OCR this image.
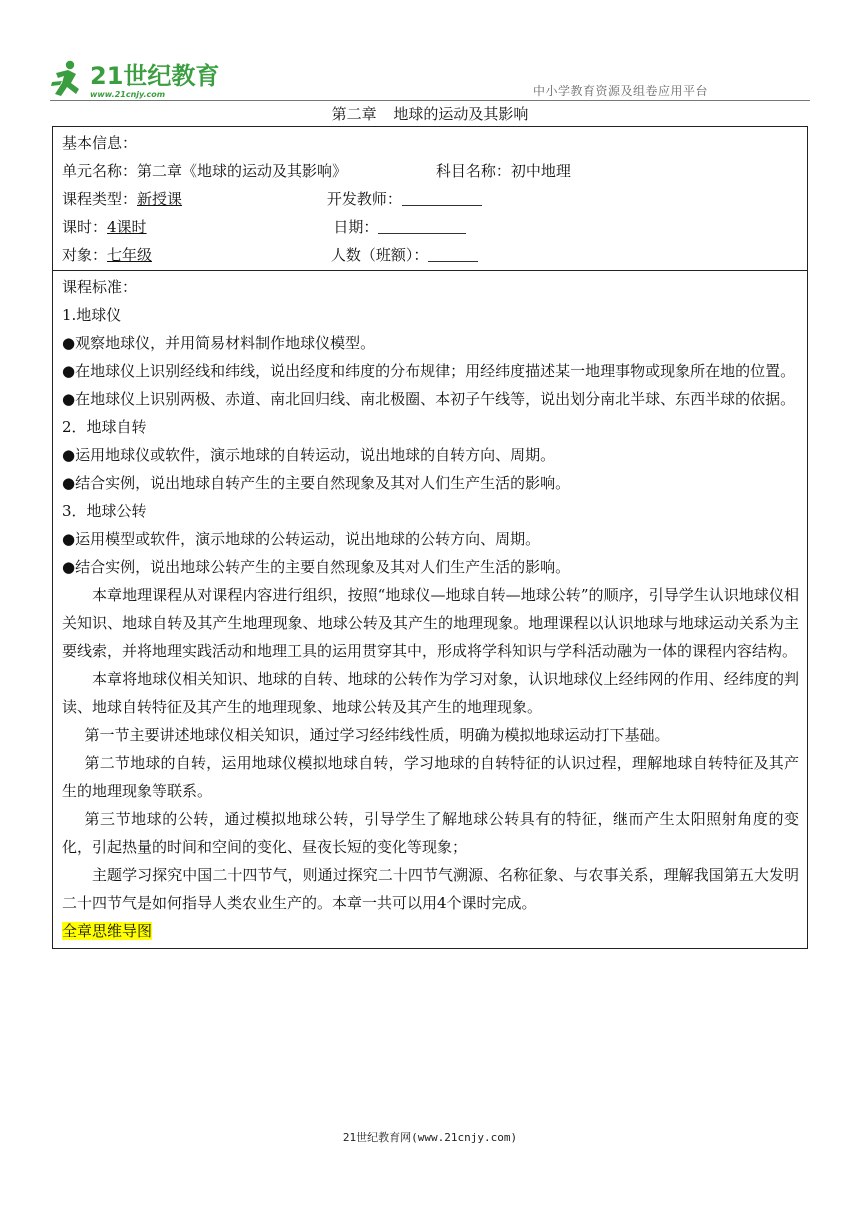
21世纪教育
www.21cnjy.com	中小学教育资源及组卷应用平台
第二章 地球的运动及其影响
基本信息：
单元名称：第二章《地球的运动及其影响》	科目名称：初中地理
课程类型：新授课	开发教师：
课时：4课时	日期：
对象：七年级	人数（班额）：
课程标准：
1.地球仪

●观察地球仪，并用简易材料制作地球仪模型。

●在地球仪上识别经线和纬线，说出经度和纬度的分布规律；用经纬度描述某一地理事物或现象所在地的位置。

●在地球仪上识别两极、赤道、南北回归线、南北极圈、本初子午线等，说出划分南北半球、东西半球的依据。

2．地球自转

●运用地球仪或软件，演示地球的自转运动，说出地球的自转方向、周期。

●结合实例，说出地球自转产生的主要自然现象及其对人们生产生活的影响。

3．地球公转

●运用模型或软件，演示地球的公转运动，说出地球的公转方向、周期。

●结合实例，说出地球公转产生的主要自然现象及其对人们生产生活的影响。

本章地理课程从对课程内容进行组织，按照“地球仪—地球自转—地球公转”的顺序，引导学生认识地球仪相关知识、地球自转及其产生地理现象、地球公转及其产生的地理现象。地理课程以认识地球与地球运动关系为主要线索，并将地理实践活动和地理工具的运用贯穿其中，形成将学科知识与学科活动融为一体的课程内容结构。

本章将地球仪相关知识、地球的自转、地球的公转作为学习对象，认识地球仪上经纬网的作用、经纬度的判读、地球自转特征及其产生的地理现象、地球公转及其产生的地理现象。

第一节主要讲述地球仪相关知识，通过学习经纬线性质，明确为模拟地球运动打下基础。

第二节地球的自转，运用地球仪模拟地球自转，学习地球的自转特征的认识过程，理解地球自转特征及其产生的地理现象等联系。

第三节地球的公转，通过模拟地球公转，引导学生了解地球公转具有的特征，继而产生太阳照射角度的变化，引起热量的时间和空间的变化、昼夜长短的变化等现象；

主题学习探究中国二十四节气，则通过探究二十四节气溯源、名称征象、与农事关系，理解我国第五大发明二十四节气是如何指导人类农业生产的。本章一共可以用4个课时完成。

全章思维导图
21世纪教育网(www.21cnjy.com)
